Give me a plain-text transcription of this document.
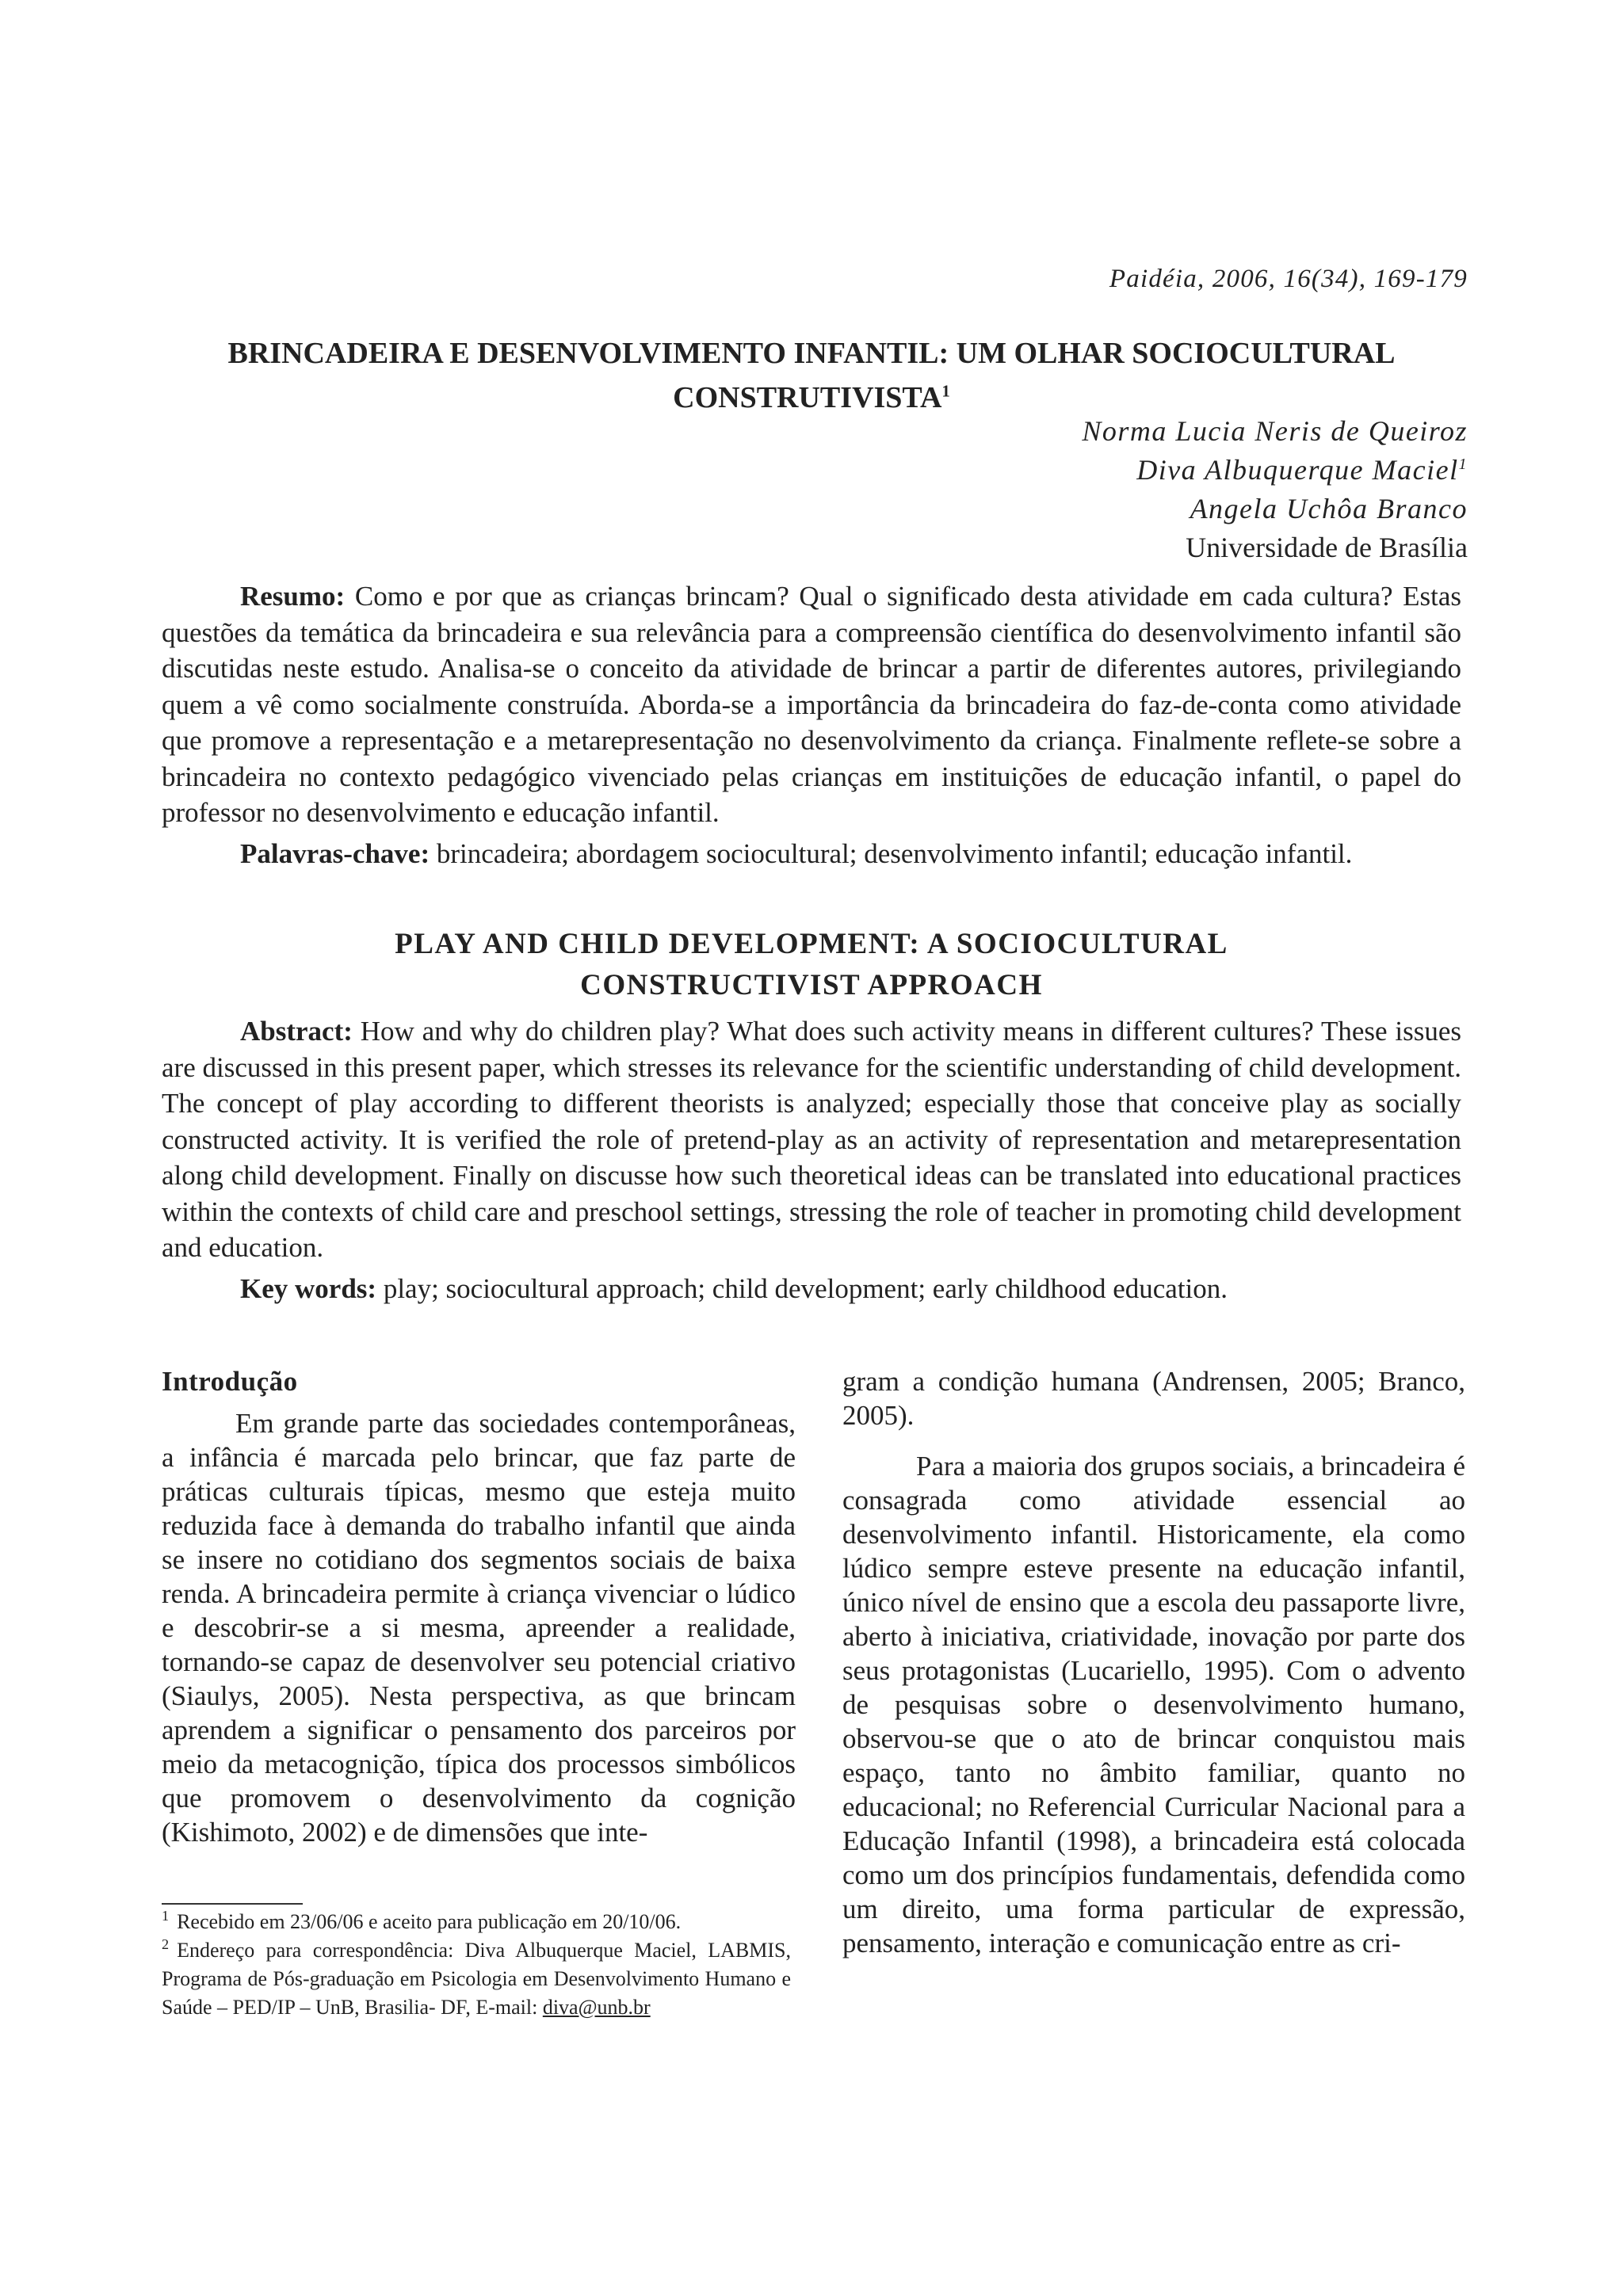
Paidéia, 2006, 16(34), 169-179
BRINCADEIRA E DESENVOLVIMENTO INFANTIL: UM OLHAR SOCIOCULTURAL
CONSTRUTIVISTA$^1$
Norma Lucia Neris de Queiroz
Diva Albuquerque Maciel$^1$
Angela Uchôa Branco
Universidade de Brasília

Resumo: Como e por que as crianças brincam? Qual o significado desta atividade em cada cultura? Estas questões da temática da brincadeira e sua relevância para a compreensão científica do desenvolvimento infantil são discutidas neste estudo. Analisa-se o conceito da atividade de brincar a partir de diferentes autores, privilegiando quem a vê como socialmente construída. Aborda-se a importância da brincadeira do faz-de-conta como atividade que promove a representação e a metarepresentação no desenvolvimento da criança. Finalmente reflete-se sobre a brincadeira no contexto pedagógico vivenciado pelas crianças em instituições de educação infantil, o papel do professor no desenvolvimento e educação infantil.

Palavras-chave: brincadeira; abordagem sociocultural; desenvolvimento infantil; educação infantil.

PLAY AND CHILD DEVELOPMENT: A SOCIOCULTURAL
CONSTRUCTIVIST APPROACH

Abstract: How and why do children play? What does such activity means in different cultures? These issues are discussed in this present paper, which stresses its relevance for the scientific understanding of child development. The concept of play according to different theorists is analyzed; especially those that conceive play as socially constructed activity. It is verified the role of pretend-play as an activity of representation and metarepresentation along child development. Finally on discusse how such theoretical ideas can be translated into educational practices within the contexts of child care and preschool settings, stressing the role of teacher in promoting child development and education.

Key words: play; sociocultural approach; child development; early childhood education.

Introdução

Em grande parte das sociedades contemporâneas, a infância é marcada pelo brincar, que faz parte de práticas culturais típicas, mesmo que esteja muito reduzida face à demanda do trabalho infantil que ainda se insere no cotidiano dos segmentos sociais de baixa renda. A brincadeira permite à criança vivenciar o lúdico e descobrir-se a si mesma, apreender a realidade, tornando-se capaz de desenvolver seu potencial criativo (Siaulys, 2005). Nesta perspectiva, as que brincam aprendem a significar o pensamento dos parceiros por meio da metacognição, típica dos processos simbólicos que promovem o desenvolvimento da cognição (Kishimoto, 2002) e de dimensões que inte-

gram a condição humana (Andrensen, 2005; Branco, 2005).

Para a maioria dos grupos sociais, a brincadeira é consagrada como atividade essencial ao desenvolvimento infantil. Historicamente, ela como lúdico sempre esteve presente na educação infantil, único nível de ensino que a escola deu passaporte livre, aberto à iniciativa, criatividade, inovação por parte dos seus protagonistas (Lucariello, 1995). Com o advento de pesquisas sobre o desenvolvimento humano, observou-se que o ato de brincar conquistou mais espaço, tanto no âmbito familiar, quanto no educacional; no Referencial Curricular Nacional para a Educação Infantil (1998), a brincadeira está colocada como um dos princípios fundamentais, defendida como um direito, uma forma particular de expressão, pensamento, interação e comunicação entre as cri-

$^1$ Recebido em 23/06/06 e aceito para publicação em 20/10/06.

$^2$ Endereço para correspondência: Diva Albuquerque Maciel, LABMIS, Programa de Pós-graduação em Psicologia em Desenvolvimento Humano e Saúde – PED/IP – UnB, Brasilia- DF, E-mail: diva@unb.br
